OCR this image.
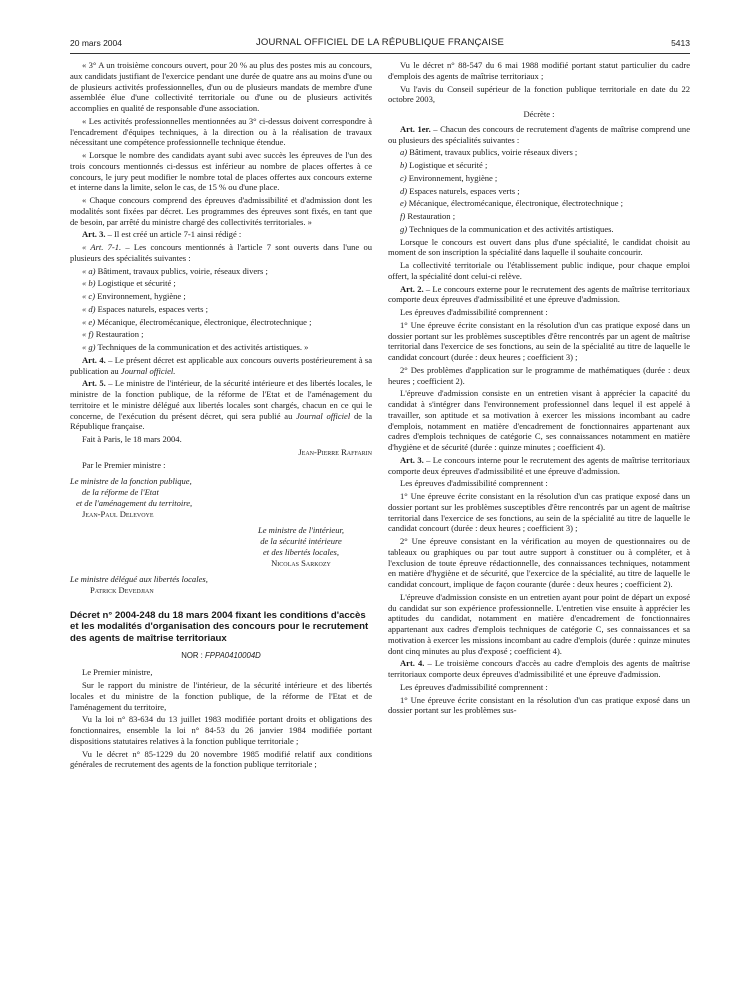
20 mars 2004	JOURNAL OFFICIEL DE LA RÉPUBLIQUE FRANÇAISE	5413

« 3° A un troisième concours ouvert, pour 20 % au plus des postes mis au concours, aux candidats justifiant de l'exercice pendant une durée de quatre ans au moins d'une ou de plusieurs activités professionnelles, d'un ou de plusieurs mandats de membre d'une assemblée élue d'une collectivité territoriale ou d'une ou de plusieurs activités accomplies en qualité de responsable d'une association.

« Les activités professionnelles mentionnées au 3° ci-dessus doivent correspondre à l'encadrement d'équipes techniques, à la direction ou à la réalisation de travaux nécessitant une compétence professionnelle technique étendue.

« Lorsque le nombre des candidats ayant subi avec succès les épreuves de l'un des trois concours mentionnés ci-dessus est inférieur au nombre de places offertes à ce concours, le jury peut modifier le nombre total de places offertes aux concours externe et interne dans la limite, selon le cas, de 15 % ou d'une place.

« Chaque concours comprend des épreuves d'admissibilité et d'admission dont les modalités sont fixées par décret. Les programmes des épreuves sont fixés, en tant que de besoin, par arrêté du ministre chargé des collectivités territoriales. »

Art. 3. – Il est créé un article 7-1 ainsi rédigé :

« Art. 7-1. – Les concours mentionnés à l'article 7 sont ouverts dans l'une ou plusieurs des spécialités suivantes :

« a) Bâtiment, travaux publics, voirie, réseaux divers ;

« b) Logistique et sécurité ;

« c) Environnement, hygiène ;

« d) Espaces naturels, espaces verts ;

« e) Mécanique, électromécanique, électronique, électrotechnique ;

« f) Restauration ;

« g) Techniques de la communication et des activités artistiques. »

Art. 4. – Le présent décret est applicable aux concours ouverts postérieurement à sa publication au Journal officiel.

Art. 5. – Le ministre de l'intérieur, de la sécurité intérieure et des libertés locales, le ministre de la fonction publique, de la réforme de l'Etat et de l'aménagement du territoire et le ministre délégué aux libertés locales sont chargés, chacun en ce qui le concerne, de l'exécution du présent décret, qui sera publié au Journal officiel de la République française.

Fait à Paris, le 18 mars 2004.

Jean-Pierre Raffarin

Par le Premier ministre :

Le ministre de la fonction publique,

de la réforme de l'Etat

et de l'aménagement du territoire,

Jean-Paul Delevoye

Le ministre de l'intérieur,

de la sécurité intérieure

et des libertés locales,

Nicolas Sarkozy

Le ministre délégué aux libertés locales,

Patrick Devedjian

Décret n° 2004-248 du 18 mars 2004 fixant les conditions d'accès et les modalités d'organisation des concours pour le recrutement des agents de maîtrise territoriaux

NOR : FPPA0410004D

Le Premier ministre,

Sur le rapport du ministre de l'intérieur, de la sécurité intérieure et des libertés locales et du ministre de la fonction publique, de la réforme de l'Etat et de l'aménagement du territoire,

Vu la loi n° 83-634 du 13 juillet 1983 modifiée portant droits et obligations des fonctionnaires, ensemble la loi n° 84-53 du 26 janvier 1984 modifiée portant dispositions statutaires relatives à la fonction publique territoriale ;

Vu le décret n° 85-1229 du 20 novembre 1985 modifié relatif aux conditions générales de recrutement des agents de la fonction publique territoriale ;

Vu le décret n° 88-547 du 6 mai 1988 modifié portant statut particulier du cadre d'emplois des agents de maîtrise territoriaux ;

Vu l'avis du Conseil supérieur de la fonction publique territoriale en date du 22 octobre 2003,

Décrète :

Art. 1er. – Chacun des concours de recrutement d'agents de maîtrise comprend une ou plusieurs des spécialités suivantes :

a) Bâtiment, travaux publics, voirie réseaux divers ;

b) Logistique et sécurité ;

c) Environnement, hygiène ;

d) Espaces naturels, espaces verts ;

e) Mécanique, électromécanique, électronique, électrotechnique ;

f) Restauration ;

g) Techniques de la communication et des activités artistiques.

Lorsque le concours est ouvert dans plus d'une spécialité, le candidat choisit au moment de son inscription la spécialité dans laquelle il souhaite concourir.

La collectivité territoriale ou l'établissement public indique, pour chaque emploi offert, la spécialité dont celui-ci relève.

Art. 2. – Le concours externe pour le recrutement des agents de maîtrise territoriaux comporte deux épreuves d'admissibilité et une épreuve d'admission.

Les épreuves d'admissibilité comprennent :

1° Une épreuve écrite consistant en la résolution d'un cas pratique exposé dans un dossier portant sur les problèmes susceptibles d'être rencontrés par un agent de maîtrise territorial dans l'exercice de ses fonctions, au sein de la spécialité au titre de laquelle le candidat concourt (durée : deux heures ; coefficient 3) ;

2° Des problèmes d'application sur le programme de mathématiques (durée : deux heures ; coefficient 2).

L'épreuve d'admission consiste en un entretien visant à apprécier la capacité du candidat à s'intégrer dans l'environnement professionnel dans lequel il est appelé à travailler, son aptitude et sa motivation à exercer les missions incombant au cadre d'emplois, notamment en matière d'encadrement de fonctionnaires appartenant aux cadres d'emplois techniques de catégorie C, ses connaissances notamment en matière d'hygiène et de sécurité (durée : quinze minutes ; coefficient 4).

Art. 3. – Le concours interne pour le recrutement des agents de maîtrise territoriaux comporte deux épreuves d'admissibilité et une épreuve d'admission.

Les épreuves d'admissibilité comprennent :

1° Une épreuve écrite consistant en la résolution d'un cas pratique exposé dans un dossier portant sur les problèmes susceptibles d'être rencontrés par un agent de maîtrise territorial dans l'exercice de ses fonctions, au sein de la spécialité au titre de laquelle le candidat concourt (durée : deux heures ; coefficient 3) ;

2° Une épreuve consistant en la vérification au moyen de questionnaires ou de tableaux ou graphiques ou par tout autre support à constituer ou à compléter, et à l'exclusion de toute épreuve rédactionnelle, des connaissances techniques, notamment en matière d'hygiène et de sécurité, que l'exercice de la spécialité, au titre de laquelle le candidat concourt, implique de façon courante (durée : deux heures ; coefficient 2).

L'épreuve d'admission consiste en un entretien ayant pour point de départ un exposé du candidat sur son expérience professionnelle. L'entretien vise ensuite à apprécier les aptitudes du candidat, notamment en matière d'encadrement de fonctionnaires appartenant aux cadres d'emplois techniques de catégorie C, ses connaissances et sa motivation à exercer les missions incombant au cadre d'emplois (durée : quinze minutes dont cinq minutes au plus d'exposé ; coefficient 4).

Art. 4. – Le troisième concours d'accès au cadre d'emplois des agents de maîtrise territoriaux comporte deux épreuves d'admissibilité et une épreuve d'admission.

Les épreuves d'admissibilité comprennent :

1° Une épreuve écrite consistant en la résolution d'un cas pratique exposé dans un dossier portant sur les problèmes sus-
